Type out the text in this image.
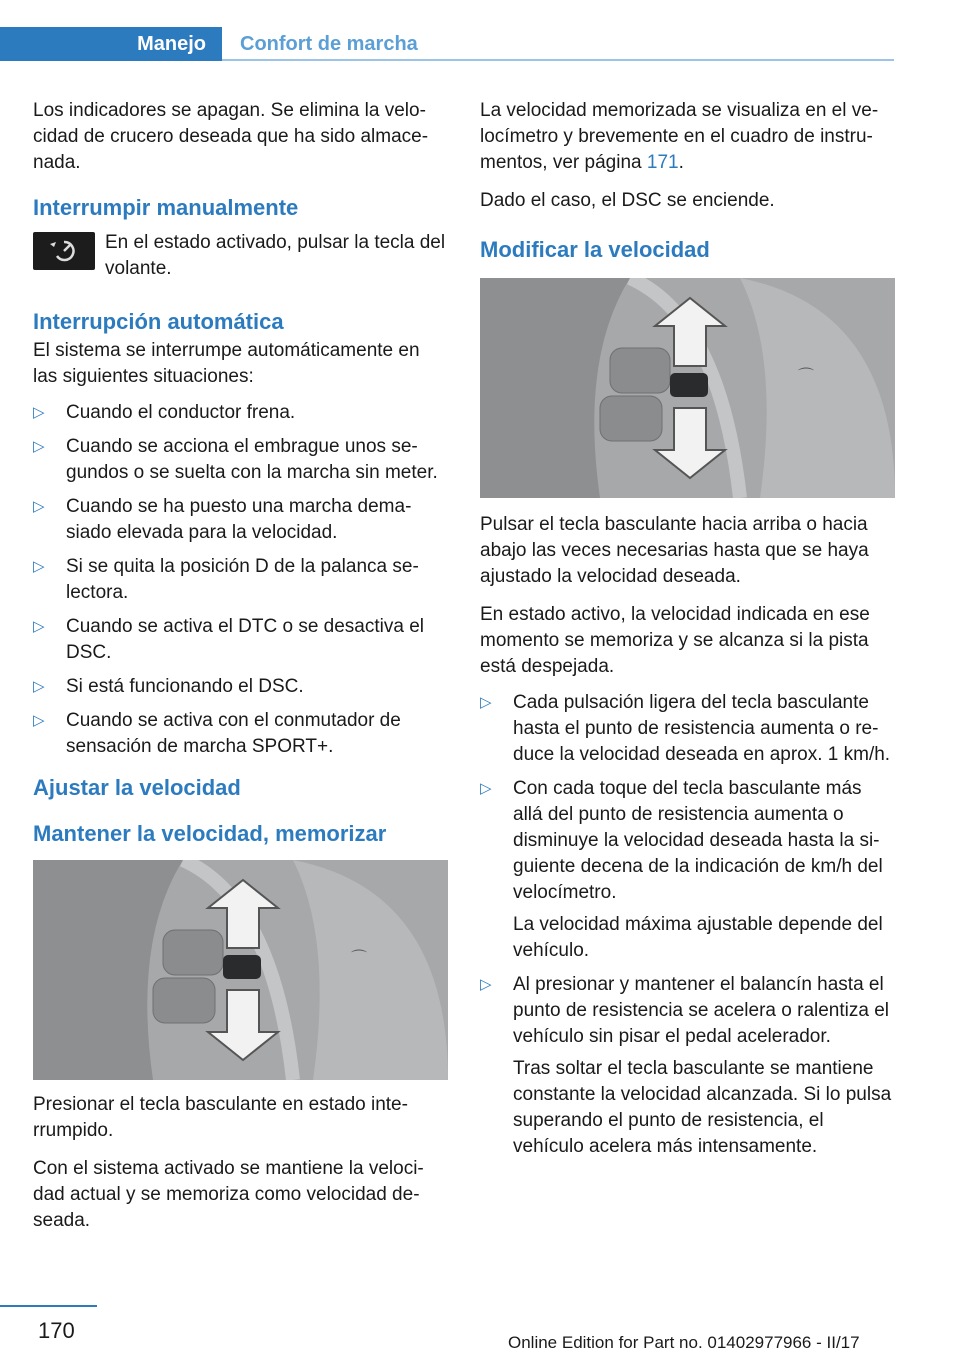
Manejo	Confort de marcha

Los indicadores se apagan. Se elimina la velocidad de crucero deseada que ha sido almacenada.

Interrumpir manualmente
En el estado activado, pulsar la tecla del volante.
Interrupción automática

El sistema se interrumpe automáticamente en las siguientes situaciones:

▷ Cuando el conductor frena.
▷ Cuando se acciona el embrague unos segundos o se suelta con la marcha sin meter.
▷ Cuando se ha puesto una marcha demasiado elevada para la velocidad.
▷ Si se quita la posición D de la palanca selectora.
▷ Cuando se activa el DTC o se desactiva el DSC.
▷ Si está funcionando el DSC.
▷ Cuando se activa con el conmutador de sensación de marcha SPORT+.
Ajustar la velocidad
Mantener la velocidad, memorizar
⌒

Presionar el tecla basculante en estado interrumpido.

Con el sistema activado se mantiene la velocidad actual y se memoriza como velocidad deseada.

La velocidad memorizada se visualiza en el velocímetro y brevemente en el cuadro de instrumentos, ver página 171.

Dado el caso, el DSC se enciende.

Modificar la velocidad
⌒

Pulsar el tecla basculante hacia arriba o hacia abajo las veces necesarias hasta que se haya ajustado la velocidad deseada.

En estado activo, la velocidad indicada en ese momento se memoriza y se alcanza si la pista está despejada.

▷ Cada pulsación ligera del tecla basculante hasta el punto de resistencia aumenta o reduce la velocidad deseada en aprox. 1 km/h.
▷ Con cada toque del tecla basculante más allá del punto de resistencia aumenta o disminuye la velocidad deseada hasta la siguiente decena de la indicación de km/h del velocímetro.
La velocidad máxima ajustable depende del vehículo.
▷ Al presionar y mantener el balancín hasta el punto de resistencia se acelera o ralentiza el vehículo sin pisar el pedal acelerador.
Tras soltar el tecla basculante se mantiene constante la velocidad alcanzada. Si lo pulsa superando el punto de resistencia, el vehículo acelera más intensamente.
170	Online Edition for Part no. 01402977966 - II/17
